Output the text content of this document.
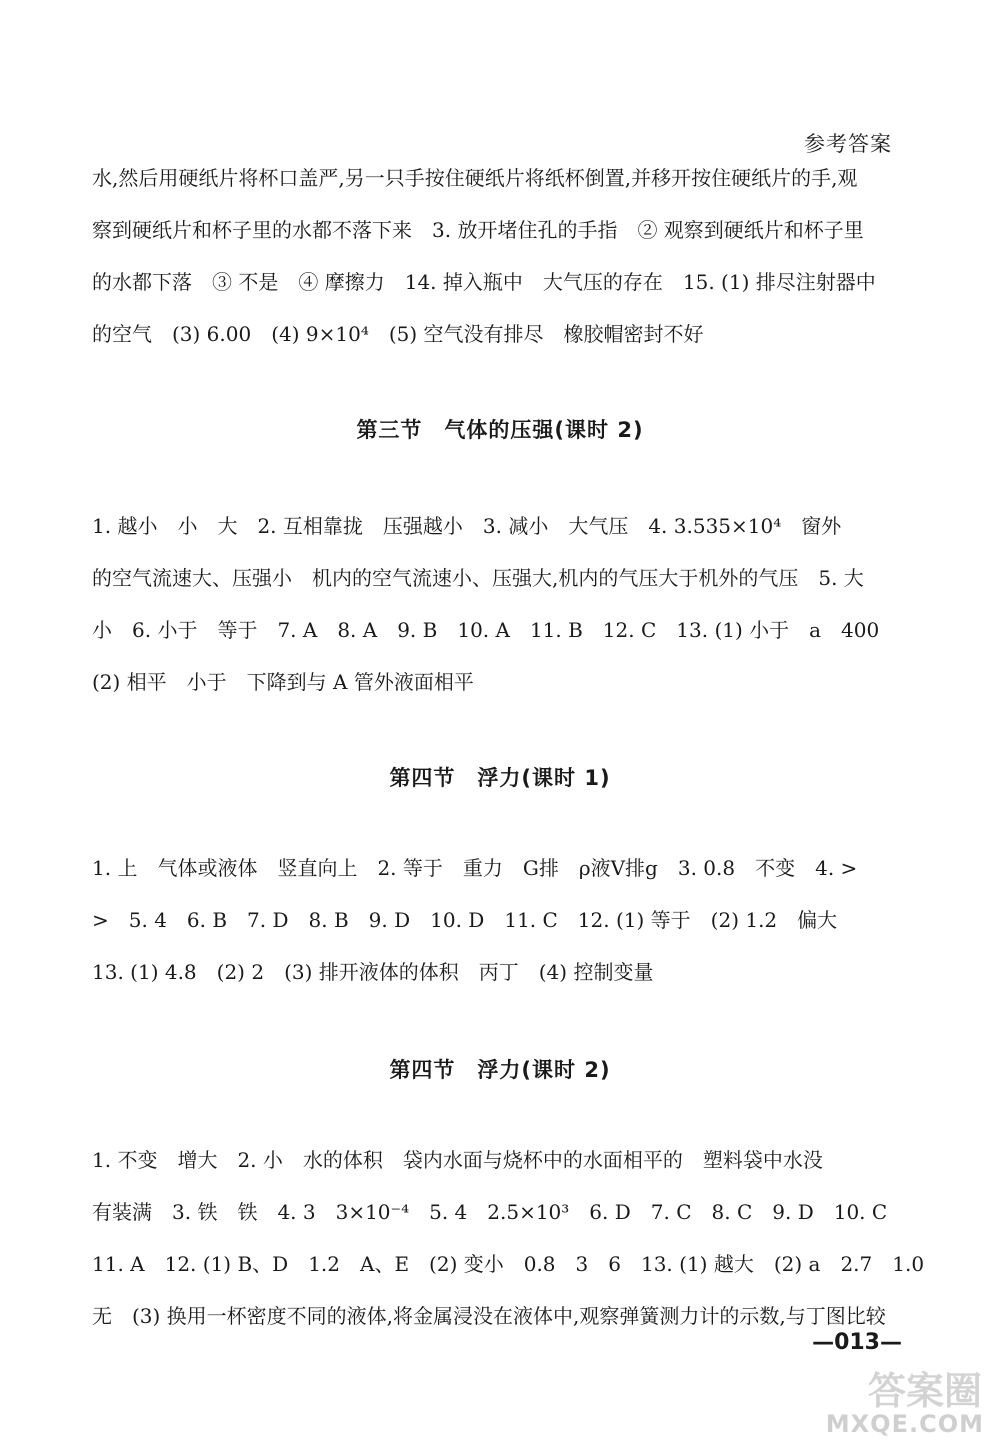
参考答案

水,然后用硬纸片将杯口盖严,另一只手按住硬纸片将纸杯倒置,并移开按住硬纸片的手,观
察到硬纸片和杯子里的水都不落下来　3. 放开堵住孔的手指　② 观察到硬纸片和杯子里
的水都下落　③ 不是　④ 摩擦力　14. 掉入瓶中　大气压的存在　15. (1) 排尽注射器中
的空气　(3) 6.00　(4) 9×10⁴　(5) 空气没有排尽　橡胶帽密封不好

第三节　气体的压强(课时 2)

1. 越小　小　大　2. 互相靠拢　压强越小　3. 减小　大气压　4. 3.535×10⁴　窗外
的空气流速大、压强小　机内的空气流速小、压强大,机内的气压大于机外的气压　5. 大
小　6. 小于　等于　7. A　8. A　9. B　10. A　11. B　12. C　13. (1) 小于　a　400
(2) 相平　小于　下降到与 A 管外液面相平

第四节　浮力(课时 1)

1. 上　气体或液体　竖直向上　2. 等于　重力　G排　ρ液V排g　3. 0.8　不变　4. >
>　5. 4　6. B　7. D　8. B　9. D　10. D　11. C　12. (1) 等于　(2) 1.2　偏大
13. (1) 4.8　(2) 2　(3) 排开液体的体积　丙丁　(4) 控制变量

第四节　浮力(课时 2)

1. 不变　增大　2. 小　水的体积　袋内水面与烧杯中的水面相平的　塑料袋中水没
有装满　3. 铁　铁　4. 3　3×10⁻⁴　5. 4　2.5×10³　6. D　7. C　8. C　9. D　10. C
11. A　12. (1) B、D　1.2　A、E　(2) 变小　0.8　3　6　13. (1) 越大　(2) a　2.7　1.0
无　(3) 换用一杯密度不同的液体,将金属浸没在液体中,观察弹簧测力计的示数,与丁图比较

—013—
答案圈
MXQE.COM
